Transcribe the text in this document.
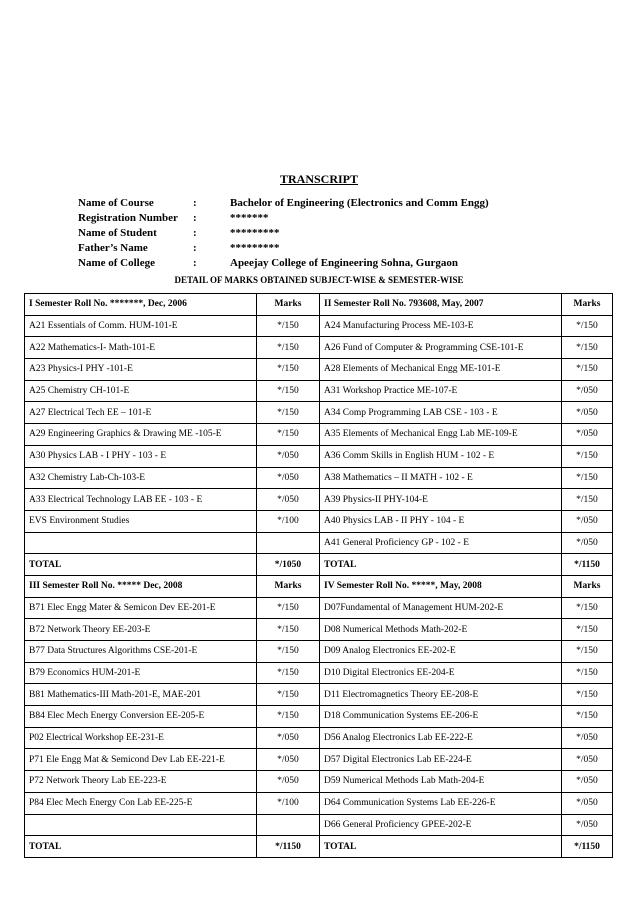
TRANSCRIPT
Name of Course	:	Bachelor of Engineering (Electronics and Comm Engg)
Registration Number	:	*******
Name of Student	:	*********
Father’s Name	:	*********
Name of College	:	Apeejay College of Engineering Sohna, Gurgaon
DETAIL OF MARKS OBTAINED SUBJECT-WISE & SEMESTER-WISE
I Semester Roll No. *******, Dec, 2006	Marks	II Semester Roll No. 793608, May, 2007	Marks
A21 Essentials of Comm. HUM-101-E	*/150	A24 Manufacturing Process ME-103-E	*/150
A22 Mathematics-I- Math-101-E	*/150	A26 Fund of Computer & Programming CSE-101-E	*/150
A23 Physics-I PHY -101-E	*/150	A28 Elements of Mechanical Engg ME-101-E	*/150
A25 Chemistry CH-101-E	*/150	A31 Workshop Practice ME-107-E	*/050
A27 Electrical Tech EE – 101-E	*/150	A34 Comp Programming LAB CSE - 103 - E	*/050
A29 Engineering Graphics & Drawing ME -105-E	*/150	A35 Elements of Mechanical Engg Lab ME-109-E	*/050
A30 Physics LAB - I PHY - 103 - E	*/050	A36 Comm Skills in English HUM - 102 - E	*/150
A32 Chemistry Lab-Ch-103-E	*/050	A38 Mathematics – II MATH - 102 - E	*/150
A33 Electrical Technology LAB EE - 103 - E	*/050	A39 Physics-II PHY-104-E	*/150
EVS Environment Studies	*/100	A40 Physics LAB - II PHY - 104 - E	*/050
		A41 General Proficiency GP - 102 - E	*/050
TOTAL	*/1050	TOTAL	*/1150
III Semester Roll No. ***** Dec, 2008	Marks	IV Semester Roll No. *****, May, 2008	Marks
B71 Elec Engg Mater & Semicon Dev EE-201-E	*/150	D07Fundamental of Management HUM-202-E	*/150
B72 Network Theory EE-203-E	*/150	D08 Numerical Methods Math-202-E	*/150
B77 Data Structures Algorithms CSE-201-E	*/150	D09 Analog Electronics EE-202-E	*/150
B79 Economics HUM-201-E	*/150	D10 Digital Electronics EE-204-E	*/150
B81 Mathematics-III Math-201-E, MAE-201	*/150	D11 Electromagnetics Theory EE-208-E	*/150
B84 Elec Mech Energy Conversion EE-205-E	*/150	D18 Communication Systems EE-206-E	*/150
P02 Electrical Workshop EE-231-E	*/050	D56 Analog Electronics Lab EE-222-E	*/050
P71 Ele Engg Mat & Semicond Dev Lab EE-221-E	*/050	D57 Digital Electronics Lab EE-224-E	*/050
P72 Network Theory Lab EE-223-E	*/050	D59 Numerical Methods Lab Math-204-E	*/050
P84 Elec Mech Energy Con Lab EE-225-E	*/100	D64 Communication Systems Lab EE-226-E	*/050
		D66 General Proficiency GPEE-202-E	*/050
TOTAL	*/1150	TOTAL	*/1150
